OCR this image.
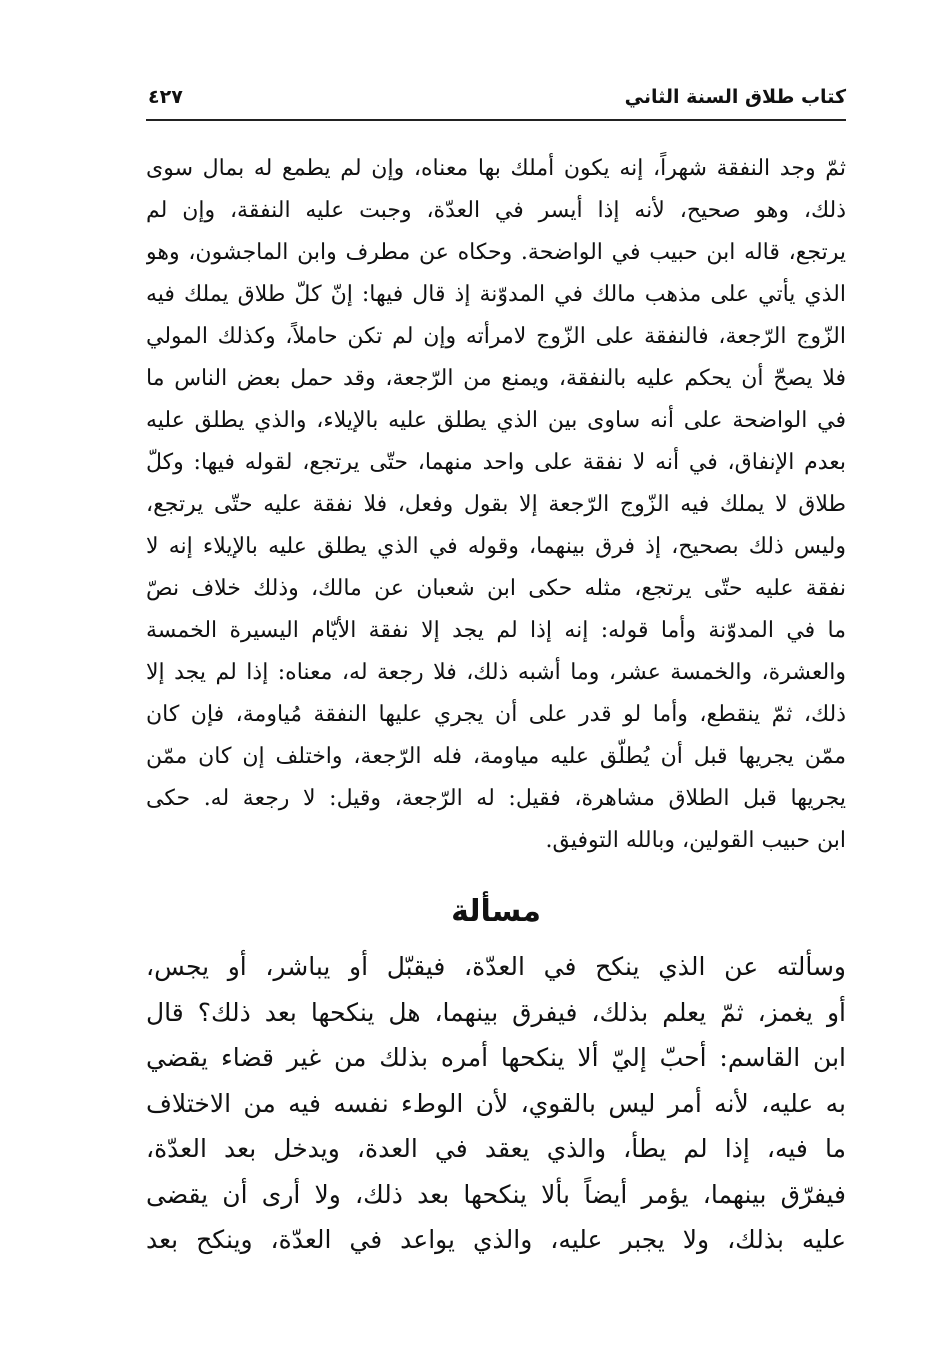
كتاب طلاق السنة الثاني
٤٢٧
ثمّ وجد النفقة شهراً، إنه يكون أملك بها معناه، وإن لم يطمع له بمال سوى
ذلك، وهو صحيح، لأنه إذا أيسر في العدّة، وجبت عليه النفقة، وإن لم
يرتجع، قاله ابن حبيب في الواضحة. وحكاه عن مطرف وابن الماجشون، وهو
الذي يأتي على مذهب مالك في المدوّنة إذ قال فيها: إنّ كلّ طلاق يملك فيه
الزّوج الرّجعة، فالنفقة على الزّوج لامرأته وإن لم تكن حاملاً، وكذلك المولي
فلا يصحّ أن يحكم عليه بالنفقة، ويمنع من الرّجعة، وقد حمل بعض الناس ما
في الواضحة على أنه ساوى بين الذي يطلق عليه بالإيلاء، والذي يطلق عليه
بعدم الإنفاق، في أنه لا نفقة على واحد منهما، حتّى يرتجع، لقوله فيها: وكلّ
طلاق لا يملك فيه الزّوج الرّجعة إلا بقول وفعل، فلا نفقة عليه حتّى يرتجع،
وليس ذلك بصحيح، إذ فرق بينهما، وقوله في الذي يطلق عليه بالإيلاء إنه لا
نفقة عليه حتّى يرتجع، مثله حكى ابن شعبان عن مالك، وذلك خلاف نصّ
ما في المدوّنة وأما قوله: إنه إذا لم يجد إلا نفقة الأيّام اليسيرة الخمسة
والعشرة، والخمسة عشر، وما أشبه ذلك، فلا رجعة له، معناه: إذا لم يجد إلا
ذلك، ثمّ ينقطع، وأما لو قدر على أن يجري عليها النفقة مُياومة، فإن كان
ممّن يجريها قبل أن يُطلّق عليه مياومة، فله الرّجعة، واختلف إن كان ممّن
يجريها قبل الطلاق مشاهرة، فقيل: له الرّجعة، وقيل: لا رجعة له. حكى
ابن حبيب القولين، وبالله التوفيق.
مسألة
وسألته عن الذي ينكح في العدّة، فيقبّل أو يباشر، أو يجس،
أو يغمز، ثمّ يعلم بذلك، فيفرق بينهما، هل ينكحها بعد ذلك؟ قال
ابن القاسم: أحبّ إليّ ألا ينكحها أمره بذلك من غير قضاء يقضي
به عليه، لأنه أمر ليس بالقوي، لأن الوطء نفسه فيه من الاختلاف
ما فيه، إذا لم يطأ، والذي يعقد في العدة، ويدخل بعد العدّة،
فيفرّق بينهما، يؤمر أيضاً بألا ينكحها بعد ذلك، ولا أرى أن يقضى
عليه بذلك، ولا يجبر عليه، والذي يواعد في العدّة، وينكح بعد
